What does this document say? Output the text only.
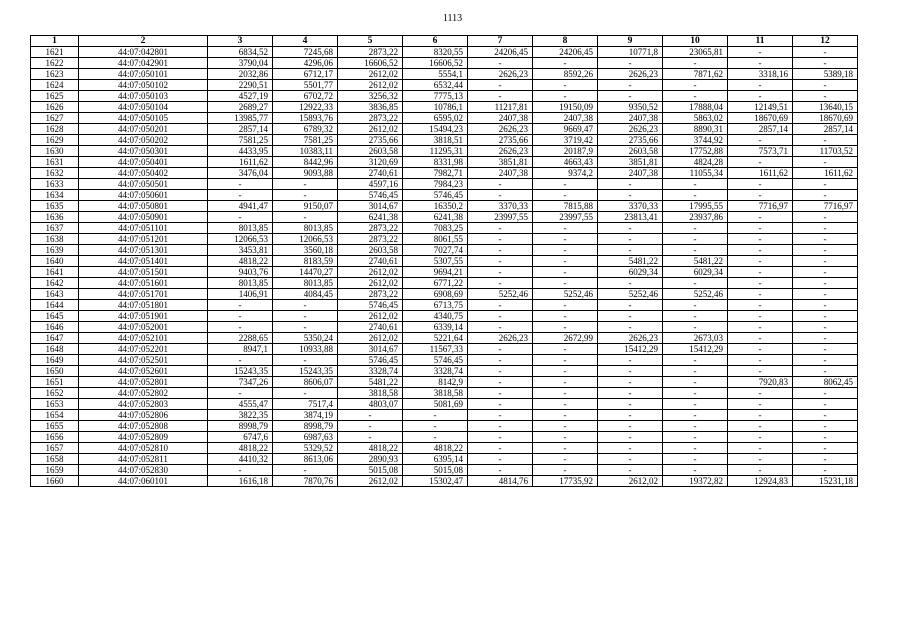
1113
1	2	3	4	5	6	7	8	9	10	11	12
1621	44:07:042801	6834,52	7245,68	2873,22	8320,55	24206,45	24206,45	10771,8	23065,81	-	-
1622	44:07:042901	3790,04	4296,06	16606,52	16606,52	-	-	-	-	-	-
1623	44:07:050101	2032,86	6712,17	2612,02	5554,1	2626,23	8592,26	2626,23	7871,62	3318,16	5389,18
1624	44:07:050102	2290,51	5501,77	2612,02	6532,44	-	-	-	-	-	-
1625	44:07:050103	4527,19	6702,72	3256,32	7775,13	-	-	-	-	-	-
1626	44:07:050104	2689,27	12922,33	3836,85	10786,1	11217,81	19150,09	9350,52	17888,04	12149,51	13640,15
1627	44:07:050105	13985,77	15893,76	2873,22	6595,02	2407,38	2407,38	2407,38	5863,02	18670,69	18670,69
1628	44:07:050201	2857,14	6789,32	2612,02	15494,23	2626,23	9669,47	2626,23	8890,31	2857,14	2857,14
1629	44:07:050202	7581,25	7581,25	2735,66	3818,51	2735,66	3719,42	2735,66	3744,92	-	-
1630	44:07:050301	4433,95	10383,11	2603,58	11295,31	2626,23	20187,9	2603,58	17752,88	7573,71	11703,52
1631	44:07:050401	1611,62	8442,96	3120,69	8331,98	3851,81	4663,43	3851,81	4824,28	-	-
1632	44:07:050402	3476,04	9093,88	2740,61	7982,71	2407,38	9374,2	2407,38	11055,34	1611,62	1611,62
1633	44:07:050501	-	-	4597,16	7984,23	-	-	-	-	-	-
1634	44:07:050601	-	-	5746,45	5746,45	-	-	-	-	-	-
1635	44:07:050801	4941,47	9150,07	3014,67	16350,2	3370,33	7815,88	3370,33	17995,55	7716,97	7716,97
1636	44:07:050901	-	-	6241,38	6241,38	23997,55	23997,55	23813,41	23937,86	-	-
1637	44:07:051101	8013,85	8013,85	2873,22	7083,25	-	-	-	-	-	-
1638	44:07:051201	12066,53	12066,53	2873,22	8061,55	-	-	-	-	-	-
1639	44:07:051301	3453,81	3560,18	2603,58	7027,74	-	-	-	-	-	-
1640	44:07:051401	4818,22	8183,59	2740,61	5307,55	-	-	5481,22	5481,22	-	-
1641	44:07:051501	9403,76	14470,27	2612,02	9694,21	-	-	6029,34	6029,34	-	-
1642	44:07:051601	8013,85	8013,85	2612,02	6771,22	-	-	-	-	-	-
1643	44:07:051701	1406,91	4084,45	2873,22	6908,69	5252,46	5252,46	5252,46	5252,46	-	-
1644	44:07:051801	-	-	5746,45	6713,75	-	-	-	-	-	-
1645	44:07:051901	-	-	2612,02	4340,75	-	-	-	-	-	-
1646	44:07:052001	-	-	2740,61	6339,14	-	-	-	-	-	-
1647	44:07:052101	2288,65	5350,24	2612,02	5221,64	2626,23	2672,99	2626,23	2673,03	-	-
1648	44:07:052201	8947,1	10933,88	3014,67	11567,33	-	-	15412,29	15412,29	-	-
1649	44:07:052501	-	-	5746,45	5746,45	-	-	-	-	-	-
1650	44:07:052601	15243,35	15243,35	3328,74	3328,74	-	-	-	-	-	-
1651	44:07:052801	7347,26	8606,07	5481,22	8142,9	-	-	-	-	7920,83	8062,45
1652	44:07:052802	-	-	3818,58	3818,58	-	-	-	-	-	-
1653	44:07:052803	4555,47	7517,4	4803,07	5081,69	-	-	-	-	-	-
1654	44:07:052806	3822,35	3874,19	-	-	-	-	-	-	-	-
1655	44:07:052808	8998,79	8998,79	-	-	-	-	-	-	-	-
1656	44:07:052809	6747,6	6987,63	-	-	-	-	-	-	-	-
1657	44:07:052810	4818,22	5329,52	4818,22	4818,22	-	-	-	-	-	-
1658	44:07:052811	4410,32	8613,06	2890,93	6395,14	-	-	-	-	-	-
1659	44:07:052830	-	-	5015,08	5015,08	-	-	-	-	-	-
1660	44:07:060101	1616,18	7870,76	2612,02	15302,47	4814,76	17735,92	2612,02	19372,82	12924,83	15231,18
